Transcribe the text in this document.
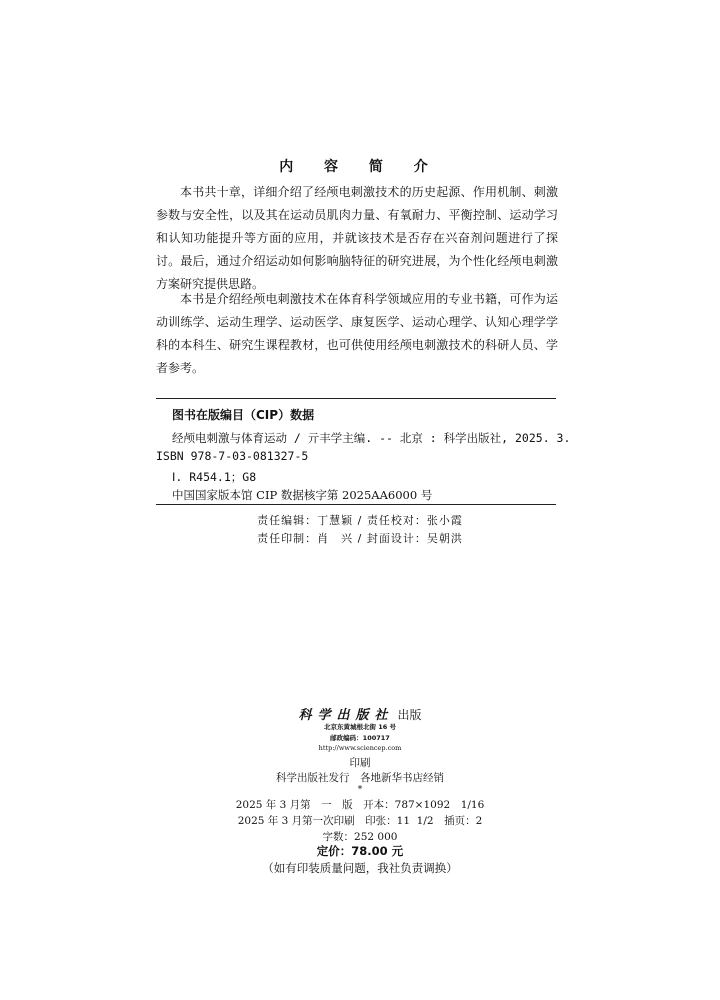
内 容 简 介
本书共十章，详细介绍了经颅电刺激技术的历史起源、作用机制、刺激参数与安全性，以及其在运动员肌肉力量、有氧耐力、平衡控制、运动学习和认知功能提升等方面的应用，并就该技术是否存在兴奋剂问题进行了探讨。最后，通过介绍运动如何影响脑特征的研究进展，为个性化经颅电刺激方案研究提供思路。
本书是介绍经颅电刺激技术在体育科学领域应用的专业书籍，可作为运动训练学、运动生理学、运动医学、康复医学、运动心理学、认知心理学学科的本科生、研究生课程教材，也可供使用经颅电刺激技术的科研人员、学者参考。
图书在版编目（CIP）数据
经颅电刺激与体育运动 / 亓丰学主编. -- 北京 : 科学出版社, 2025. 3.
ISBN 978-7-03-081327-5
Ⅰ. R454.1；G8
中国国家版本馆 CIP 数据核字第 2025AA6000 号
责任编辑：丁慧颖 / 责任校对：张小霞
责任印制：肖　兴 / 封面设计：吴朝洪
科学出版社 出版
北京东黄城根北街 16 号
邮政编码：100717
http://www.sciencep.com
印刷
科学出版社发行　各地新华书店经销
*
2025 年 3 月第　一　版　开本：787×1092　1/16
2025 年 3 月第一次印刷　印张：11  1/2　插页：2
字数：252 000
定价：78.00 元
（如有印装质量问题，我社负责调换）
